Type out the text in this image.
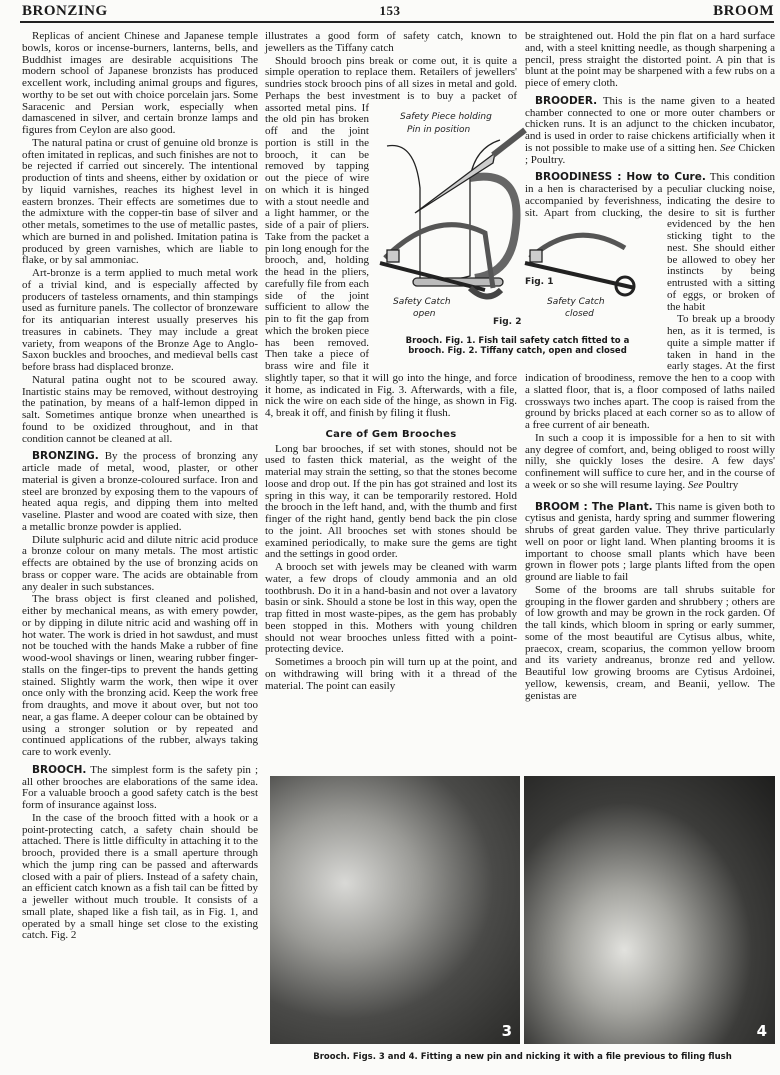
BRONZING	153	BROOM

Replicas of ancient Chinese and Japanese temple bowls, koros or incense-burners, lanterns, bells, and Buddhist images are desirable acquisitions The modern school of Japanese bronzists has produced excellent work, including animal groups and figures, worthy to be set out with choice porcelain jars. Some Saracenic and Persian work, especially when damascened in silver, and certain bronze lamps and figures from Ceylon are also good.

The natural patina or crust of genuine old bronze is often imitated in replicas, and such finishes are not to be rejected if carried out sincerely. The intentional production of tints and sheens, either by oxidation or by liquid varnishes, reaches its highest level in eastern bronzes. Their effects are sometimes due to the admixture with the copper-tin base of silver and other metals, sometimes to the use of metallic pastes, which are burned in and polished. Imitation patina is produced by green varnishes, which are liable to flake, or by sal ammoniac.

Art-bronze is a term applied to much metal work of a trivial kind, and is especially affected by producers of tasteless ornaments, and thin stampings used as furniture panels. The collector of bronzeware for its antiquarian interest usually preserves his treasures in cabinets. They may include a great variety, from weapons of the Bronze Age to Anglo-Saxon buckles and brooches, and medieval bells cast before brass had displaced bronze.

Natural patina ought not to be scoured away. Inartistic stains may be removed, without destroying the patination, by means of a half-lemon dipped in salt. Sometimes antique bronze when unearthed is found to be oxidized throughout, and in that condition cannot be cleaned at all.

BRONZING. By the process of bronzing any article made of metal, wood, plaster, or other material is given a bronze-coloured surface. Iron and steel are bronzed by exposing them to the vapours of heated aqua regis, and dipping them into melted vaseline. Plaster and wood are coated with size, then a metallic bronze powder is applied.

Dilute sulphuric acid and dilute nitric acid produce a bronze colour on many metals. The most artistic effects are obtained by the use of bronzing acids on brass or copper ware. The acids are obtainable from any dealer in such substances.

The brass object is first cleaned and polished, either by mechanical means, as with emery powder, or by dipping in dilute nitric acid and washing off in hot water. The work is dried in hot sawdust, and must not be touched with the hands Make a rubber of fine wood-wool shavings or linen, wearing rubber finger-stalls on the finger-tips to prevent the hands getting stained. Slightly warm the work, then wipe it over once only with the bronzing acid. Keep the work free from draughts, and move it about over, but not too near, a gas flame. A deeper colour can be obtained by using a stronger solution or by repeated and continued applications of the rubber, always taking care to work evenly.

BROOCH. The simplest form is the safety pin ; all other brooches are elaborations of the same idea. For a valuable brooch a good safety catch is the best form of insurance against loss.

In the case of the brooch fitted with a hook or a point-protecting catch, a safety chain should be attached. There is little difficulty in attaching it to the brooch, provided there is a small aperture through which the jump ring can be passed and afterwards closed with a pair of pliers. Instead of a safety chain, an efficient catch known as a fish tail can be fitted by a jeweller without much trouble. It consists of a small plate, shaped like a fish tail, as in Fig. 1, and operated by a small hinge set close to the existing catch. Fig. 2

illustrates a good form of safety catch, known to jewellers as the Tiffany catch

Should brooch pins break or come out, it is quite a simple operation to replace them. Retailers of jewellers' sundries stock brooch pins of all sizes in metal and gold. Perhaps the best investment is to buy a packet of assorted metal pins. If the old pin has broken off and the joint portion is still in the brooch, it can be removed by tapping out the piece of wire on which it is hinged with a stout needle and a light hammer, or the side of a pair of pliers. Take from the packet a pin long enough for the brooch, and, holding the head in the pliers, carefully file from each side of the joint sufficient to allow the pin to fit the gap from which the broken piece has been removed. Then take a piece of brass wire and file it slightly taper, so that it will go into the hinge, and force it home, as indicated in Fig. 3. Afterwards, with a file, nick the wire on each side of the hinge, as shown in Fig. 4, break it off, and finish by filing it flush.

Care of Gem Brooches

Long bar brooches, if set with stones, should not be used to fasten thick material, as the weight of the material may strain the setting, so that the stones become loose and drop out. If the pin has got strained and lost its spring in this way, it can be temporarily restored. Hold the brooch in the left hand, and, with the thumb and first finger of the right hand, gently bend back the pin close to the joint. All brooches set with stones should be examined periodically, to make sure the gems are tight and the settings in good order.

A brooch set with jewels may be cleaned with warm water, a few drops of cloudy ammonia and an old toothbrush. Do it in a hand-basin and not over a lavatory basin or sink. Should a stone be lost in this way, open the trap fitted in most waste-pipes, as the gem has probably been stopped in this. Mothers with young children should not wear brooches unless fitted with a point-protecting device.

Sometimes a brooch pin will turn up at the point, and on withdrawing will bring with it a thread of the material. The point can easily

be straightened out. Hold the pin flat on a hard surface and, with a steel knitting needle, as though sharpening a pencil, press straight the distorted point. A pin that is blunt at the point may be sharpened with a few rubs on a piece of emery cloth.

BROODER. This is the name given to a heated chamber connected to one or more outer chambers or chicken runs. It is an adjunct to the chicken incubator, and is used in order to raise chickens artificially when it is not possible to make use of a sitting hen. See Chicken ; Poultry.

BROODINESS : How to Cure. This condition in a hen is characterised by a peculiar clucking noise, accompanied by feverishness, indicating the desire to sit. Apart from clucking, the desire to sit is further evidenced by the hen sticking tight to the nest. She should either be allowed to obey her instincts by being entrusted with a sitting of eggs, or broken of the habit

To break up a broody hen, as it is termed, is quite a simple matter if taken in hand in the early stages. At the first indication of broodiness, remove the hen to a coop with a slatted floor, that is, a floor composed of laths nailed crossways two inches apart. The coop is raised from the ground by bricks placed at each corner so as to allow of a free current of air beneath.

In such a coop it is impossible for a hen to sit with any degree of comfort, and, being obliged to roost willy nilly, she quickly loses the desire. A few days' confinement will suffice to cure her, and in the course of a week or so she will resume laying. See Poultry

BROOM : The Plant. This name is given both to cytisus and genista, hardy spring and summer flowering shrubs of great garden value. They thrive particularly well on poor or light land. When planting brooms it is important to choose small plants which have been grown in flower pots ; large plants lifted from the open ground are liable to fail

Some of the brooms are tall shrubs suitable for grouping in the flower garden and shrubbery ; others are of low growth and may be grown in the rock garden. Of the tall kinds, which bloom in spring or early summer, some of the most beautiful are Cytisus albus, white, praecox, cream, scoparius, the common yellow broom and its variety andreanus, bronze red and yellow. Beautiful low growing brooms are Cytisus Ardoinei, yellow, kewensis, cream, and Beanii, yellow. The genistas are

Safety Piece holding
Pin in position
Fig. 1
Safety Catch
open
Safety Catch
closed
Fig. 2
Brooch. Fig. 1. Fish tail safety catch fitted to a
brooch. Fig. 2. Tiffany catch, open and closed
3	4
Brooch. Figs. 3 and 4. Fitting a new pin and nicking it with a file previous to filing flush
